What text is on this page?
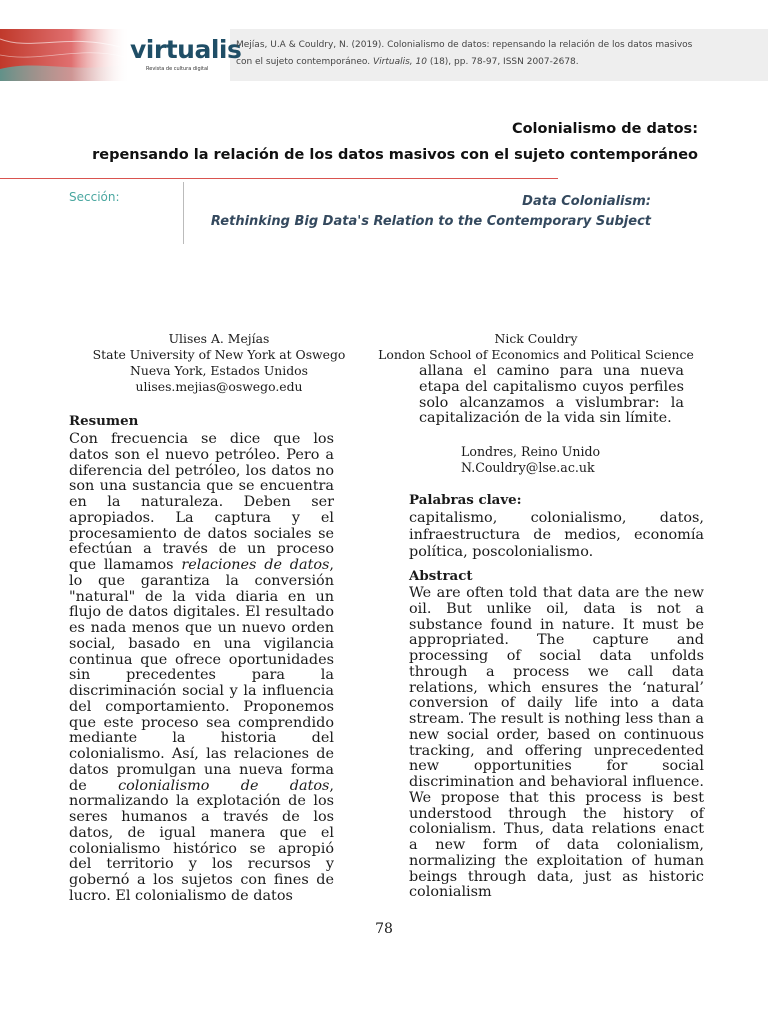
virtualis
Revista de cultura digital
Mejías, U.A & Couldry, N. (2019). Colonialismo de datos: repensando la relación de los datos masivos
con el sujeto contemporáneo. Virtualis, 10 (18), pp. 78-97, ISSN 2007-2678.
Colonialismo de datos:
repensando la relación de los datos masivos con el sujeto contemporáneo
Sección:	Data Colonialism:
Rethinking Big Data's Relation to the Contemporary Subject
Ulises A. Mejías
State University of New York at Oswego
Nueva York, Estados Unidos
ulises.mejias@oswego.edu
Nick Couldry
London School of Economics and Political Science
Resumen
Con frecuencia se dice que los datos son el nuevo petróleo. Pero a diferencia del petróleo, los datos no son una sustancia que se encuentra en la naturaleza. Deben ser apropiados. La captura y el procesamiento de datos sociales se efectúan a través de un proceso que llamamos relaciones de datos, lo que garantiza la conversión "natural" de la vida diaria en un flujo de datos digitales. El resultado es nada menos que un nuevo orden social, basado en una vigilancia continua que ofrece oportunidades sin precedentes para la discriminación social y la influencia del comportamiento. Proponemos que este proceso sea comprendido mediante la historia del colonialismo. Así, las relaciones de datos promulgan una nueva forma de colonialismo de datos, normalizando la explotación de los seres humanos a través de los datos, de igual manera que el colonialismo histórico se apropió del territorio y los recursos y gobernó a los sujetos con fines de lucro. El colonialismo de datos
allana el camino para una nueva etapa del capitalismo cuyos perfiles solo alcanzamos a vislumbrar: la capitalización de la vida sin límite.
Londres, Reino Unido
N.Couldry@lse.ac.uk
Palabras clave:
capitalismo, colonialismo, datos, infraestructura de medios, economía política, poscolonialismo.
Abstract
We are often told that data are the new oil. But unlike oil, data is not a substance found in nature. It must be appropriated. The capture and processing of social data unfolds through a process we call data relations, which ensures the ‘natural’ conversion of daily life into a data stream. The result is nothing less than a new social order, based on continuous tracking, and offering unprecedented new opportunities for social discrimination and behavioral influence. We propose that this process is best understood through the history of colonialism. Thus, data relations enact a new form of data colonialism, normalizing the exploitation of human beings through data, just as historic colonialism
78
